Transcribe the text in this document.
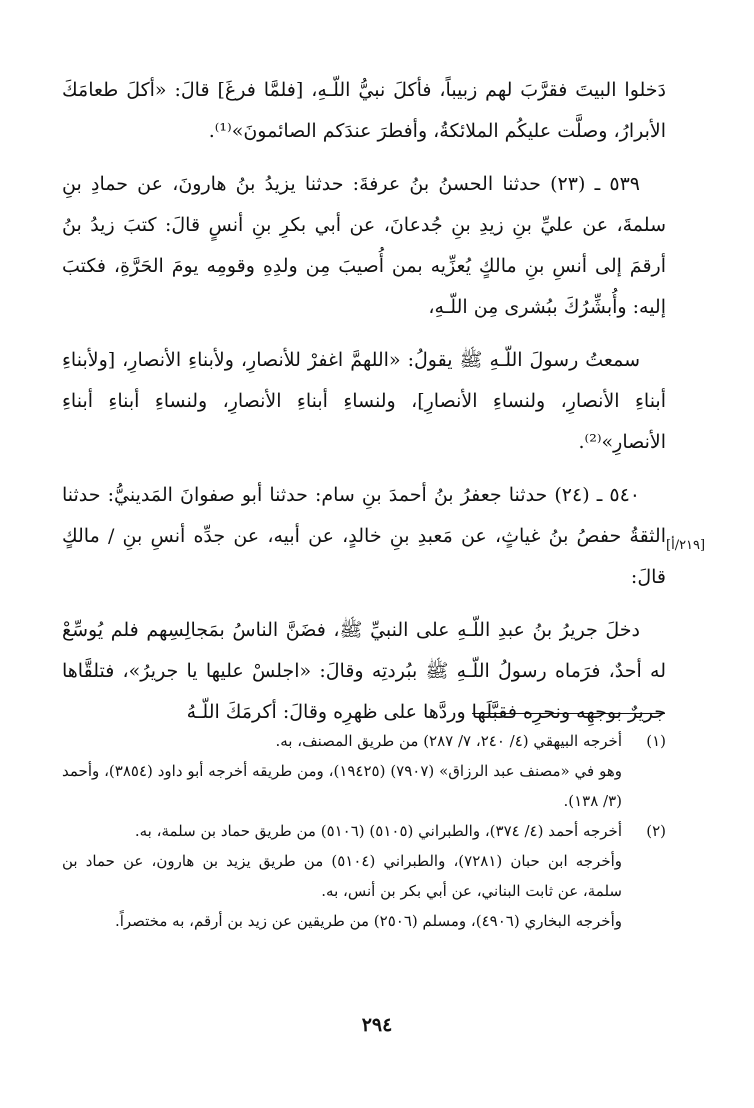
دَخلوا البيتَ فقرَّبَ لهم زبيباً، فأكلَ نبيُّ اللّـهِ، [فلمَّا فرغَ] قالَ: «أكلَ طعامَكَ الأبرارُ، وصلَّت عليكُم الملائكةُ، وأفطرَ عندَكم الصائمونَ»⁽¹⁾.

٥٣٩ ـ (٢٣) حدثنا الحسنُ بنُ عرفةَ: حدثنا يزيدُ بنُ هارونَ، عن حمادِ بنِ سلمةَ، عن عليِّ بنِ زيدِ بنِ جُدعانَ، عن أبي بكرِ بنِ أنسٍ قالَ: كتبَ زيدُ بنُ أرقمَ إلى أنسِ بنِ مالكٍ يُعزِّيه بمن أُصيبَ مِن ولدِهِ وقومِه يومَ الحَرَّةِ، فكتبَ إليه: وأُبشِّرُكَ ببُشرى مِن اللّـهِ،

سمعتُ رسولَ اللّـهِ ﷺ يقولُ: «اللهمَّ اغفرْ للأنصارِ، ولأبناءِ الأنصارِ، [ولأبناءِ أبناءِ الأنصارِ، ولنساءِ الأنصارِ]، ولنساءِ أبناءِ الأنصارِ، ولنساءِ أبناءِ أبناءِ الأنصارِ»⁽²⁾.

٥٤٠ ـ (٢٤) حدثنا جعفرُ بنُ أحمدَ بنِ سام: حدثنا أبو صفوانَ المَدينيُّ: حدثنا الثقةُ حفصُ بنُ غياثٍ، عن مَعبدِ بنِ خالدٍ، عن أبيه، عن جدِّه أنسِ بنِ / مالكٍ قالَ:

دخلَ جريرُ بنُ عبدِ اللّـهِ على النبيِّ ﷺ، فضَنَّ الناسُ بمَجالِسِهم فلم يُوسِّعْ له أحدٌ، فرَماه رسولُ اللّـهِ ﷺ ببُردتِه وقالَ: «اجلسْ عليها يا جريرُ»، فتلقَّاها جريرٌ بوجهِه ونحرِه فقبَّلَها وردَّها على ظهرِه وقالَ: أكرمَكَ اللّـهُ

[٢١٩/أ]
(١)

أخرجه البيهقي (٤/ ٢٤٠، ٧/ ٢٨٧) من طريق المصنف، به.

وهو في «مصنف عبد الرزاق» (٧٩٠٧) (١٩٤٢٥)، ومن طريقه أخرجه أبو داود (٣٨٥٤)، وأحمد (٣/ ١٣٨).

(٢)

أخرجه أحمد (٤/ ٣٧٤)، والطبراني (٥١٠٥) (٥١٠٦) من طريق حماد بن سلمة، به.

وأخرجه ابن حبان (٧٢٨١)، والطبراني (٥١٠٤) من طريق يزيد بن هارون، عن حماد بن سلمة، عن ثابت البناني، عن أبي بكر بن أنس، به.

وأخرجه البخاري (٤٩٠٦)، ومسلم (٢٥٠٦) من طريقين عن زيد بن أرقم، به مختصراً.

٢٩٤
